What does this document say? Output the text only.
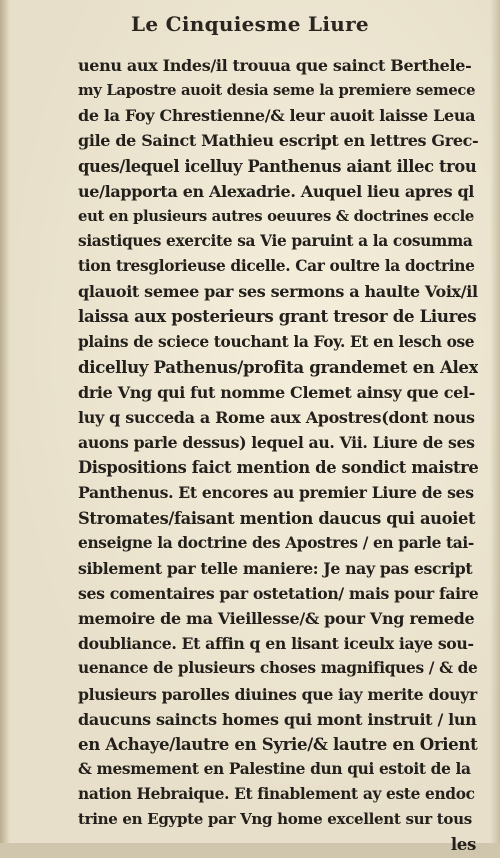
Le Cinquiesme Liure
uenu aux Indes/il trouua que sainct Berthele-
my Lapostre auoit desia seme la premiere semece
de la Foy Chrestienne/& leur auoit laisse Leua
gile de Sainct Mathieu escript en lettres Grec-
ques/lequel icelluy Panthenus aiant illec trou
ue/lapporta en Alexadrie. Auquel lieu apres ql
eut en plusieurs autres oeuures & doctrines eccle
siastiques exercite sa Vie paruint a la cosumma
tion tresglorieuse dicelle. Car oultre la doctrine
qlauoit semee par ses sermons a haulte Voix/il
laissa aux posterieurs grant tresor de Liures
plains de sciece touchant la Foy. Et en lesch ose
dicelluy Pathenus/profita grandemet en Alex
drie Vng qui fut nomme Clemet ainsy que cel-
luy q succeda a Rome aux Apostres(dont nous
auons parle dessus) lequel au. Vii. Liure de ses
Dispositions faict mention de sondict maistre
Panthenus. Et encores au premier Liure de ses
Stromates/faisant mention daucus qui auoiet
enseigne la doctrine des Apostres / en parle tai-
siblement par telle maniere: Je nay pas escript
ses comentaires par ostetation/ mais pour faire
memoire de ma Vieillesse/& pour Vng remede
doubliance. Et affin q en lisant iceulx iaye sou-
uenance de plusieurs choses magnifiques / & de
plusieurs parolles diuines que iay merite douyr
daucuns saincts homes qui mont instruit / lun
en Achaye/lautre en Syrie/& lautre en Orient
& mesmement en Palestine dun qui estoit de la
nation Hebraique. Et finablement ay este endoc
trine en Egypte par Vng home excellent sur tous
les
